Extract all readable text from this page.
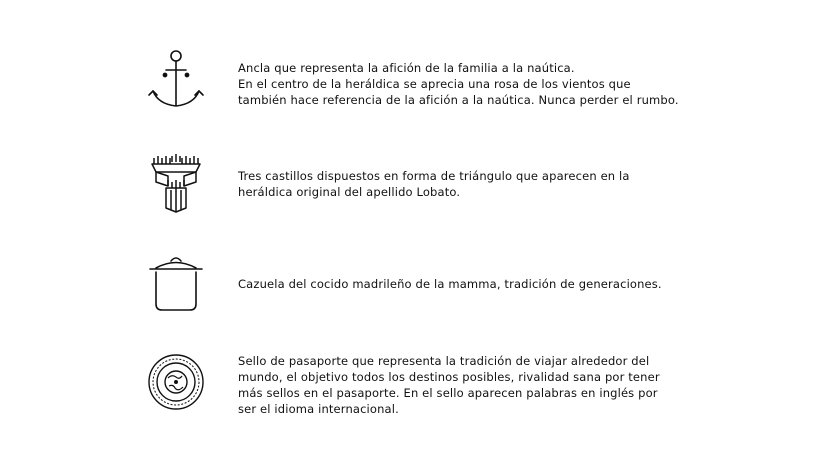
Ancla que representa la afición de la familia a la naútica.
En el centro de la heráldica se aprecia una rosa de los vientos que
también hace referencia de la afición a la naútica. Nunca perder el rumbo.
Tres castillos dispuestos en forma de triángulo que aparecen en la
heráldica original del apellido Lobato.
Cazuela del cocido madrileño de la mamma, tradición de generaciones.
Sello de pasaporte que representa la tradición de viajar alrededor del
mundo, el objetivo todos los destinos posibles, rivalidad sana por tener
más sellos en el pasaporte. En el sello aparecen palabras en inglés por
ser el idioma internacional.
